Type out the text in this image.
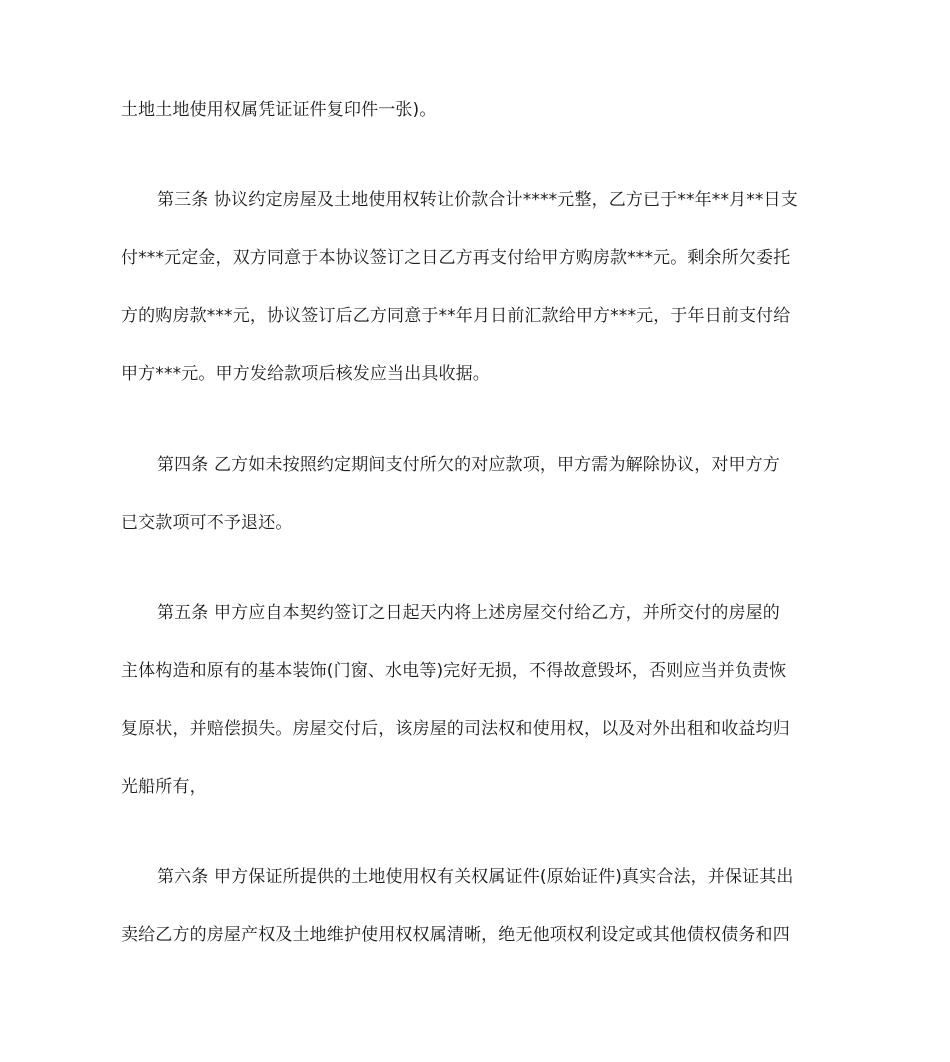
土地土地使用权属凭证证件复印件一张)。
第三条 协议约定房屋及土地使用权转让价款合计****元整，乙方已于**年**月**日支
付***元定金，双方同意于本协议签订之日乙方再支付给甲方购房款***元。剩余所欠委托
方的购房款***元，协议签订后乙方同意于**年月日前汇款给甲方***元，于年日前支付给
甲方***元。甲方发给款项后核发应当出具收据。
第四条 乙方如未按照约定期间支付所欠的对应款项，甲方需为解除协议，对甲方方
已交款项可不予退还。
第五条 甲方应自本契约签订之日起天内将上述房屋交付给乙方，并所交付的房屋的
主体构造和原有的基本装饰(门窗、水电等)完好无损，不得故意毁坏，否则应当并负责恢
复原状，并赔偿损失。房屋交付后，该房屋的司法权和使用权，以及对外出租和收益均归
光船所有，
第六条 甲方保证所提供的土地使用权有关权属证件(原始证件)真实合法，并保证其出
卖给乙方的房屋产权及土地维护使用权权属清晰，绝无他项权利设定或其他债权债务和四
